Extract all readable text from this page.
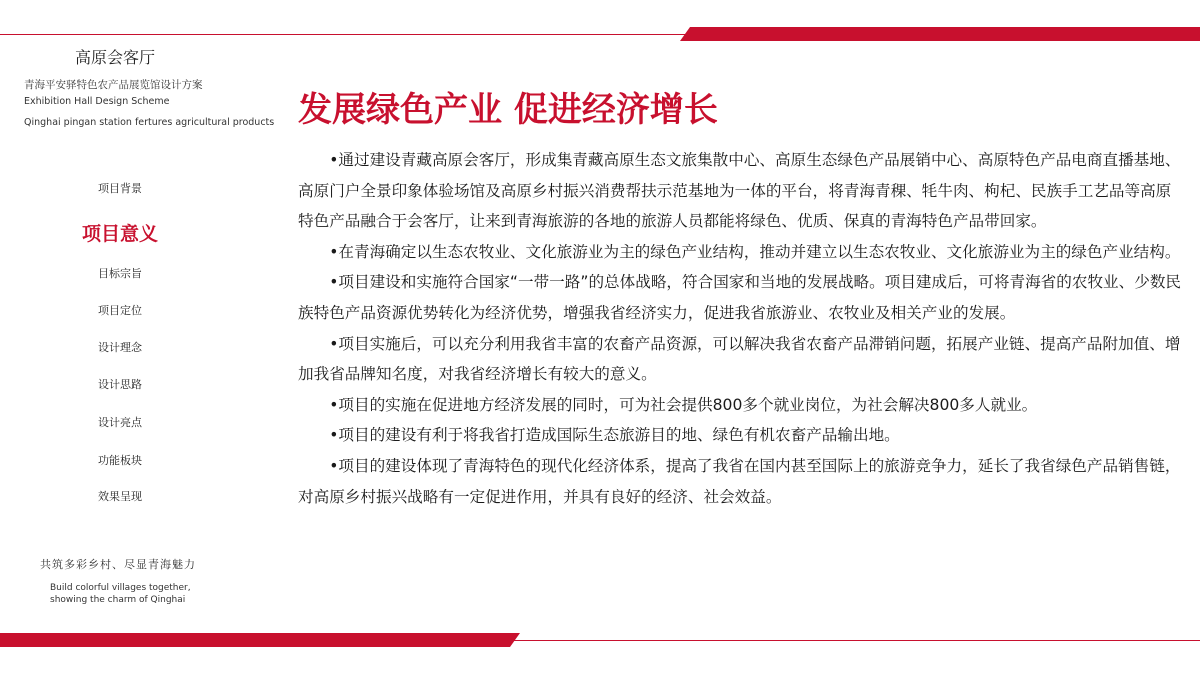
高原会客厅
青海平安驿特色农产品展览馆设计方案
Exhibition Hall Design Scheme
Qinghai pingan station fertures agricultural products
项目背景
项目意义
目标宗旨
项目定位
设计理念
设计思路
设计亮点
功能板块
效果呈现
共筑多彩乡村、尽显青海魅力
Build colorful villages together, showing the charm of Qinghai
发展绿色产业 促进经济增长

•通过建设青藏高原会客厅，形成集青藏高原生态文旅集散中心、高原生态绿色产品展销中心、高原特色产品电商直播基地、高原门户全景印象体验场馆及高原乡村振兴消费帮扶示范基地为一体的平台，将青海青稞、牦牛肉、枸杞、民族手工艺品等高原特色产品融合于会客厅，让来到青海旅游的各地的旅游人员都能将绿色、优质、保真的青海特色产品带回家。

•在青海确定以生态农牧业、文化旅游业为主的绿色产业结构，推动并建立以生态农牧业、文化旅游业为主的绿色产业结构。

•项目建设和实施符合国家“一带一路”的总体战略，符合国家和当地的发展战略。项目建成后，可将青海省的农牧业、少数民族特色产品资源优势转化为经济优势，增强我省经济实力，促进我省旅游业、农牧业及相关产业的发展。

•项目实施后，可以充分利用我省丰富的农畜产品资源，可以解决我省农畜产品滞销问题，拓展产业链、提高产品附加值、增加我省品牌知名度，对我省经济增长有较大的意义。

•项目的实施在促进地方经济发展的同时，可为社会提供800多个就业岗位，为社会解决800多人就业。

•项目的建设有利于将我省打造成国际生态旅游目的地、绿色有机农畜产品输出地。

•项目的建设体现了青海特色的现代化经济体系，提高了我省在国内甚至国际上的旅游竞争力，延长了我省绿色产品销售链，对高原乡村振兴战略有一定促进作用，并具有良好的经济、社会效益。
